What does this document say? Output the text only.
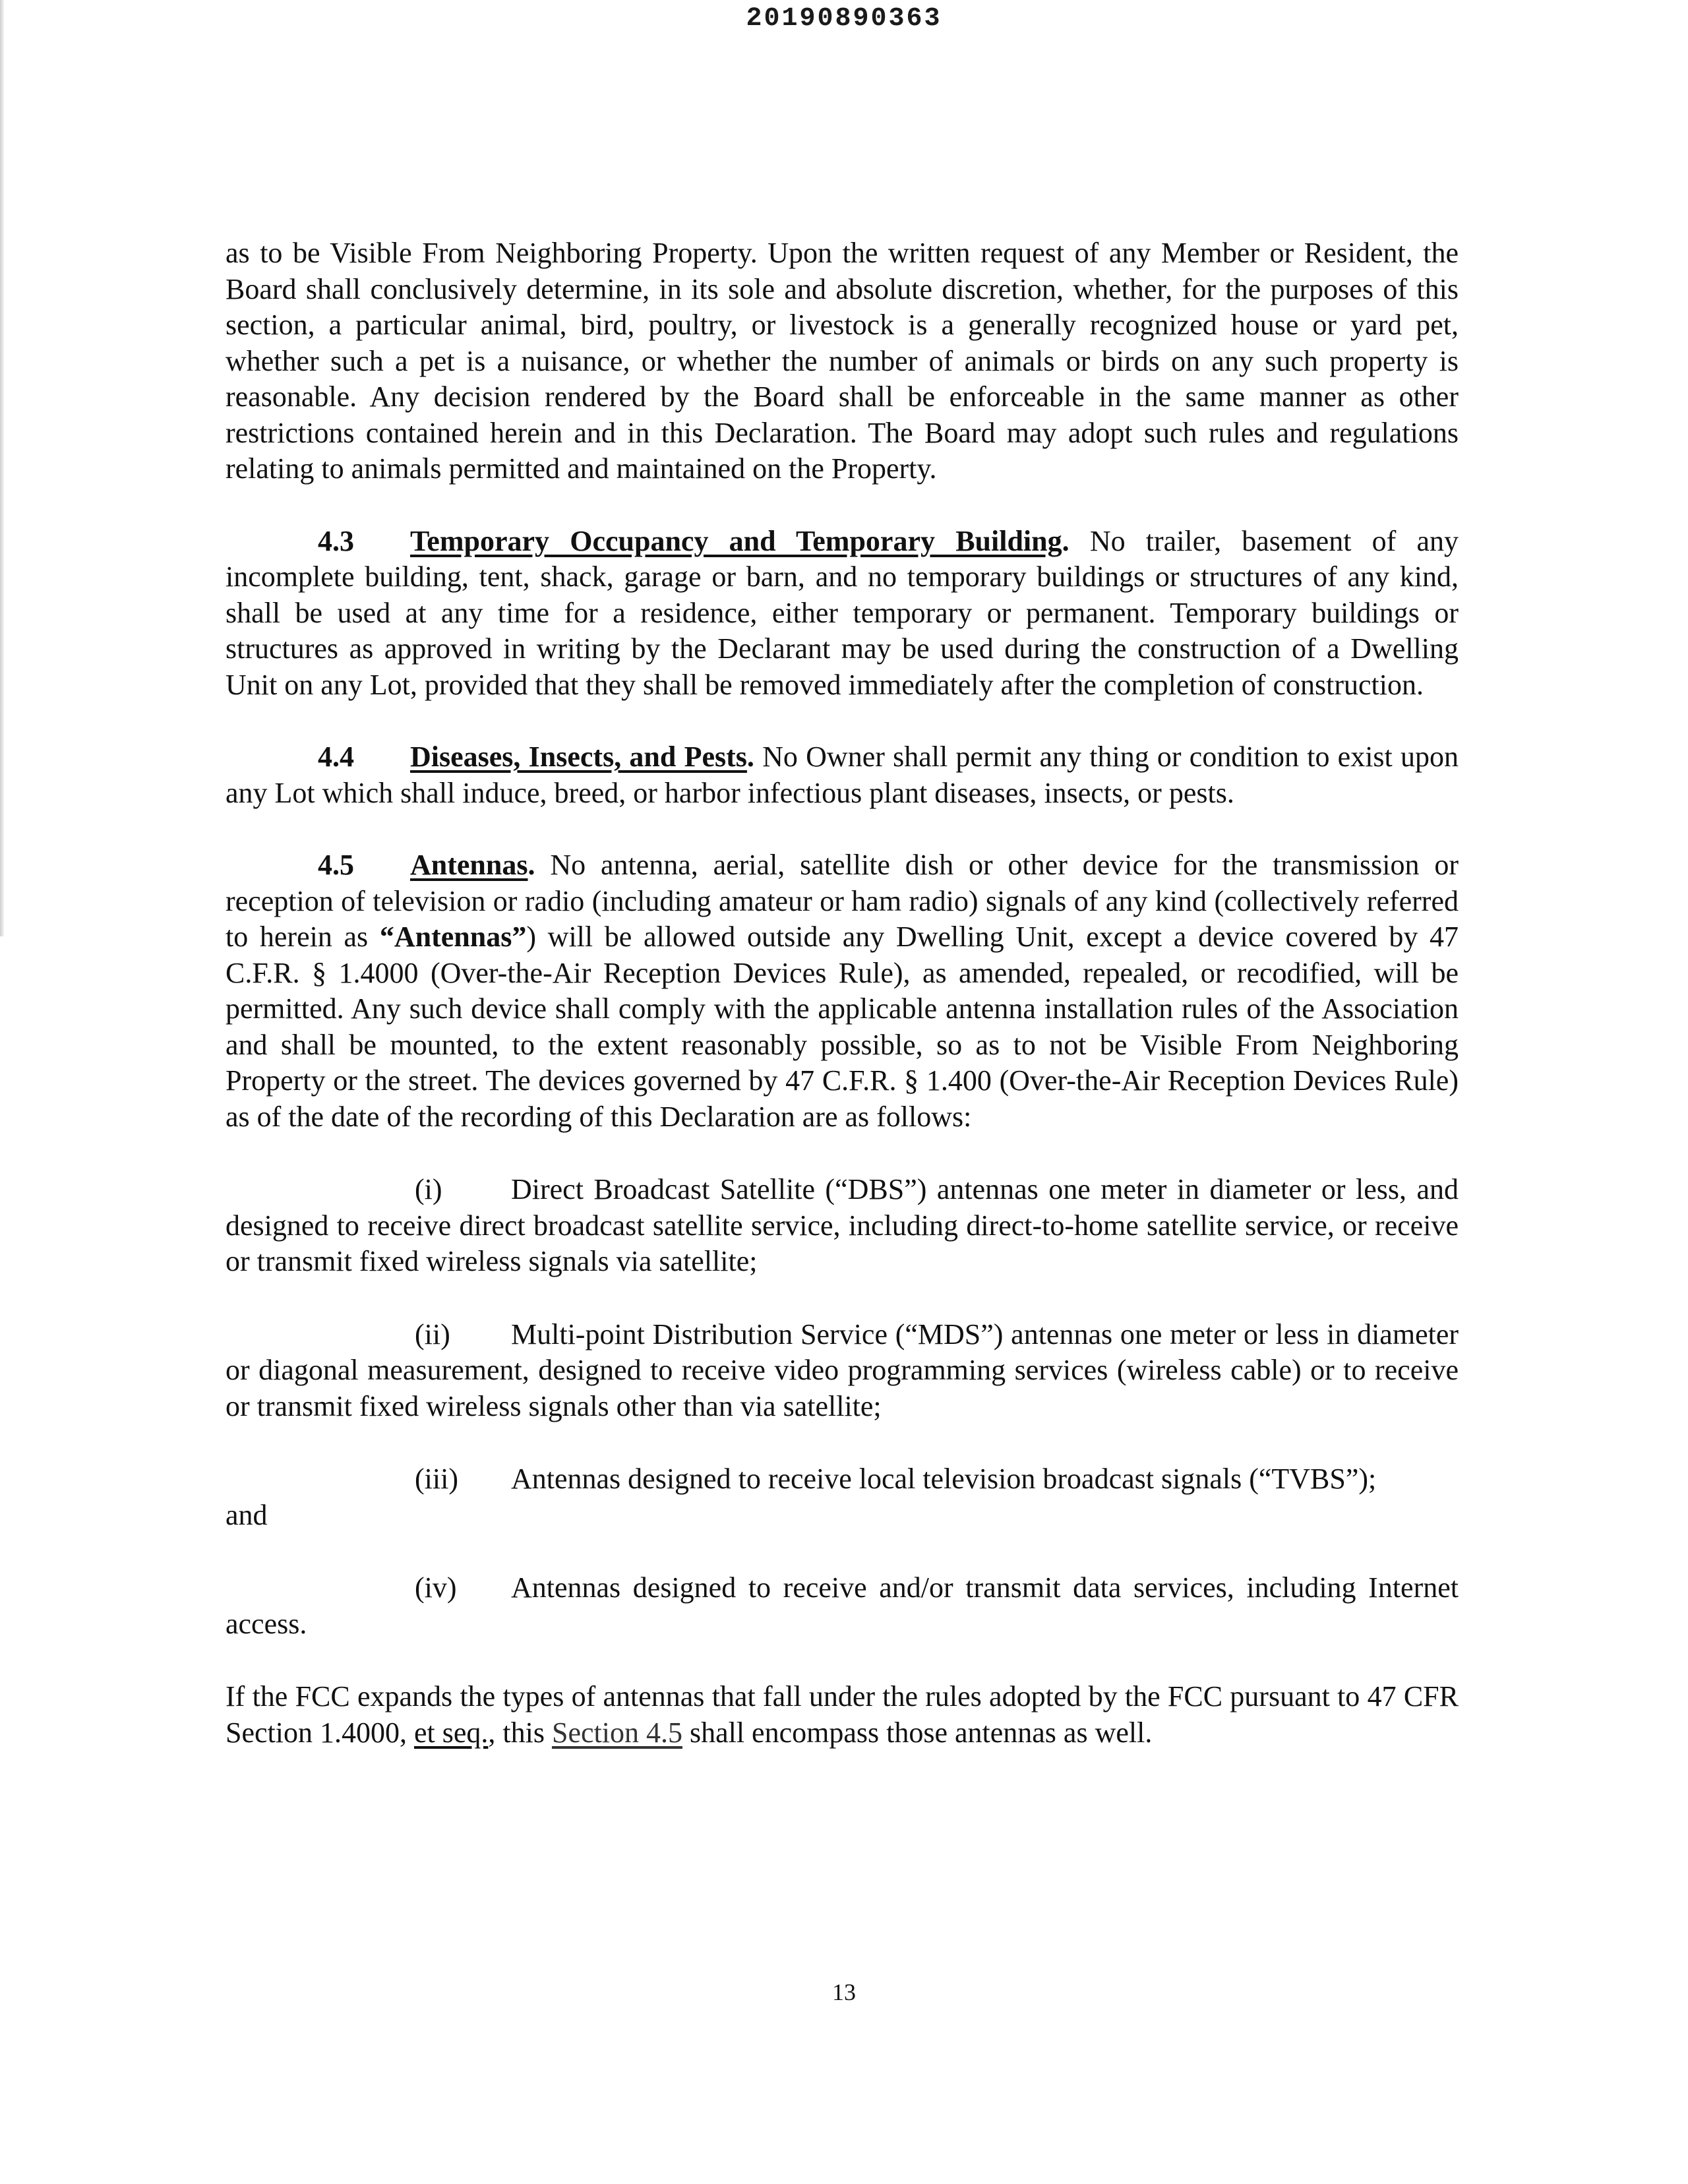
20190890363

as to be Visible From Neighboring Property. Upon the written request of any Member or Resident, the Board shall conclusively determine, in its sole and absolute discretion, whether, for the purposes of this section, a particular animal, bird, poultry, or livestock is a generally recognized house or yard pet, whether such a pet is a nuisance, or whether the number of animals or birds on any such property is reasonable. Any decision rendered by the Board shall be enforceable in the same manner as other restrictions contained herein and in this Declaration. The Board may adopt such rules and regulations relating to animals permitted and maintained on the Property.

4.3 Temporary Occupancy and Temporary Building. No trailer, basement of any incomplete building, tent, shack, garage or barn, and no temporary buildings or structures of any kind, shall be used at any time for a residence, either temporary or permanent. Temporary buildings or structures as approved in writing by the Declarant may be used during the construction of a Dwelling Unit on any Lot, provided that they shall be removed immediately after the completion of construction.

4.4 Diseases, Insects, and Pests. No Owner shall permit any thing or condition to exist upon any Lot which shall induce, breed, or harbor infectious plant diseases, insects, or pests.

4.5 Antennas. No antenna, aerial, satellite dish or other device for the transmission or reception of television or radio (including amateur or ham radio) signals of any kind (collectively referred to herein as “Antennas”) will be allowed outside any Dwelling Unit, except a device covered by 47 C.F.R. § 1.4000 (Over-the-Air Reception Devices Rule), as amended, repealed, or recodified, will be permitted. Any such device shall comply with the applicable antenna installation rules of the Association and shall be mounted, to the extent reasonably possible, so as to not be Visible From Neighboring Property or the street. The devices governed by 47 C.F.R. § 1.400 (Over-the-Air Reception Devices Rule) as of the date of the recording of this Declaration are as follows:

(i) Direct Broadcast Satellite (“DBS”) antennas one meter in diameter or less, and designed to receive direct broadcast satellite service, including direct-to-home satellite service, or receive or transmit fixed wireless signals via satellite;

(ii) Multi-point Distribution Service (“MDS”) antennas one meter or less in diameter or diagonal measurement, designed to receive video programming services (wireless cable) or to receive or transmit fixed wireless signals other than via satellite;

(iii) Antennas designed to receive local television broadcast signals (“TVBS”);

and

(iv) Antennas designed to receive and/or transmit data services, including Internet access.

If the FCC expands the types of antennas that fall under the rules adopted by the FCC pursuant to 47 CFR Section 1.4000, et seq., this Section 4.5 shall encompass those antennas as well.

13
